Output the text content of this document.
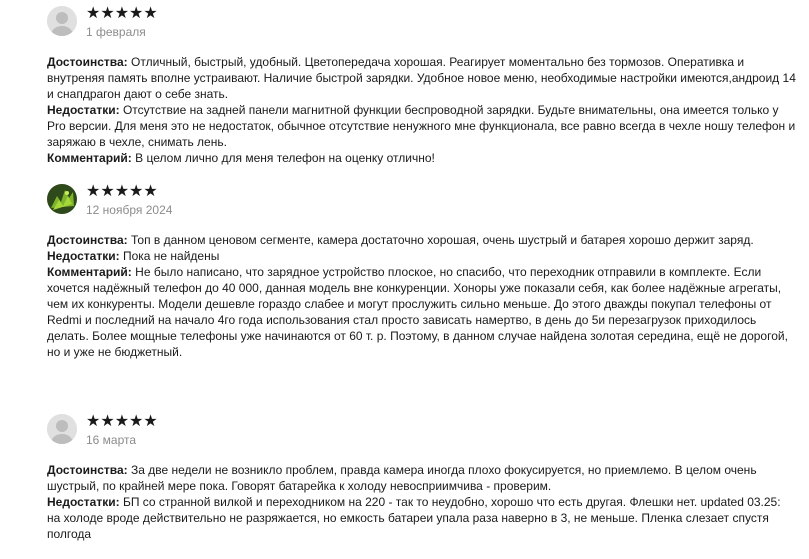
★★★★★
1 февраля

Достоинства: Отличный, быстрый, удобный. Цветопередача хорошая. Реагирует моментально без тормозов. Оперативка и внутреняя память вполне устраивают. Наличие быстрой зарядки. Удобное новое меню, необходимые настройки имеются,андроид 14 и снапдрагон дают о себе знать.

Недостатки: Отсутствие на задней панели магнитной функции беспроводной зарядки. Будьте внимательны, она имеется только у Pro версии. Для меня это не недостаток, обычное отсутствие ненужного мне функционала, все равно всегда в чехле ношу телефон и заряжаю в чехле, снимать лень.

Комментарий: В целом лично для меня телефон на оценку отлично!

★★★★★
12 ноября 2024

Достоинства: Топ в данном ценовом сегменте, камера достаточно хорошая, очень шустрый и батарея хорошо держит заряд.

Недостатки: Пока не найдены

Комментарий: Не было написано, что зарядное устройство плоское, но спасибо, что переходник отправили в комплекте. Если хочется надёжный телефон до 40 000, данная модель вне конкуренции. Хоноры уже показали себя, как более надёжные агрегаты, чем их конкуренты. Модели дешевле гораздо слабее и могут прослужить сильно меньше. До этого дважды покупал телефоны от Redmi и последний на начало 4го года использования стал просто зависать намертво, в день до 5и перезагрузок приходилось делать. Более мощные телефоны уже начинаются от 60 т. р. Поэтому, в данном случае найдена золотая середина, ещё не дорогой, но и уже не бюджетный.

★★★★★
16 марта

Достоинства: За две недели не возникло проблем, правда камера иногда плохо фокусируется, но приемлемо. В целом очень шустрый, по крайней мере пока. Говорят батарейка к холоду невосприимчива - проверим.

Недостатки: БП со странной вилкой и переходником на 220 - так то неудобно, хорошо что есть другая. Флешки нет. updated 03.25: на холоде вроде действительно не разряжается, но емкость батареи упала раза наверно в 3, не меньше. Пленка слезает спустя полгода
